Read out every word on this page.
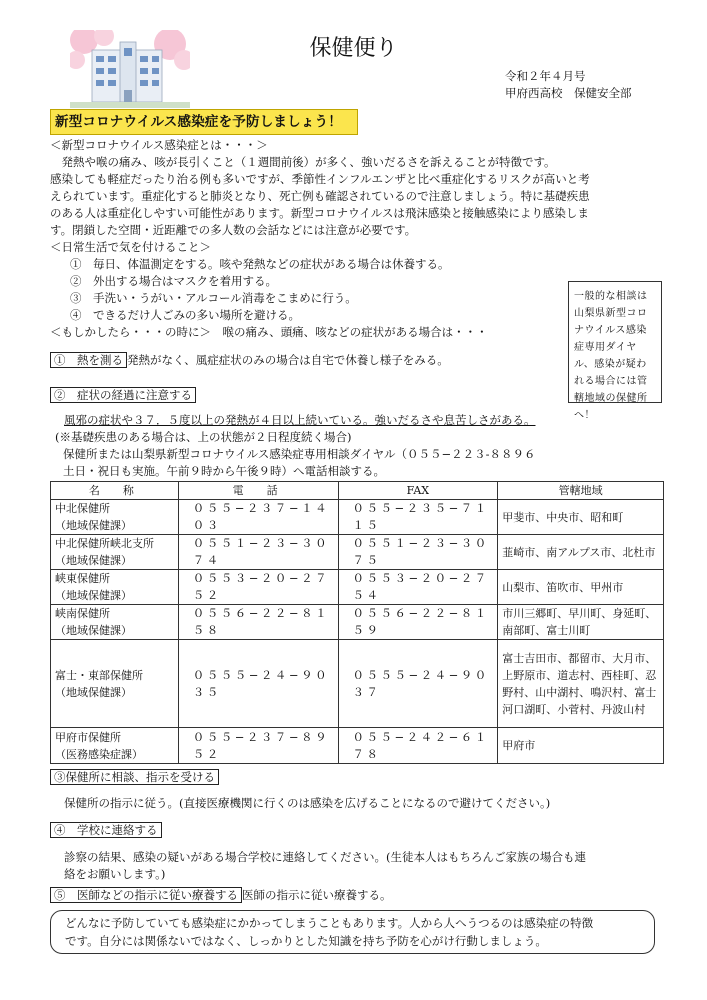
保健便り
令和２年４月号
甲府西高校　保健安全部
新型コロナウイルス感染症を予防しましょう！
＜新型コロナウイルス感染症とは・・・＞
　発熱や喉の痛み、咳が長引くこと（１週間前後）が多く、強いだるさを訴えることが特徴です。
感染しても軽症だったり治る例も多いですが、季節性インフルエンザと比べ重症化するリスクが高いと考
えられています。重症化すると肺炎となり、死亡例も確認されているので注意しましょう。特に基礎疾患
のある人は重症化しやすい可能性があります。新型コロナウイルスは飛沫感染と接触感染により感染しま
す。閉鎖した空間・近距離での多人数の会話などには注意が必要です。
＜日常生活で気を付けること＞
①　毎日、体温測定をする。咳や発熱などの症状がある場合は休養する。
②　外出する場合はマスクを着用する。
③　手洗い・うがい・アルコール消毒をこまめに行う。
④　できるだけ人ごみの多い場所を避ける。
＜もしかしたら・・・の時に＞　喉の痛み、頭痛、咳などの症状がある場合は・・・
一般的な相談は山梨県新型コロナウイルス感染症専用ダイヤル、感染が疑われる場合には管轄地域の保健所へ！
①　熱を測る 発熱がなく、風症症状のみの場合は自宅で休養し様子をみる。
②　症状の経過に注意する
風邪の症状や３７．５度以上の発熱が４日以上続いている。強いだるさや息苦しさがある。
(※基礎疾患のある場合は、上の状態が２日程度続く場合)
保健所または山梨県新型コロナウイルス感染症専用相談ダイヤル（０５５−２２３‐８８９６
土日・祝日も実施。午前９時から午後９時）へ電話相談する。
名　称	電　話	FAX	管轄地域

中北保健所
（地域保健課）	０５５−２３７−１４０３	０５５−２３５−７１１５	甲斐市、中央市、昭和町

中北保健所峡北支所
（地域保健課）	０５５１−２３−３０７４	０５５１−２３−３０７５	韮崎市、南アルプス市、北杜市

峡東保健所
（地域保健課）	０５５３−２０−２７５２	０５５３−２０−２７５４	山梨市、笛吹市、甲州市

峡南保健所
（地域保健課）	０５５６−２２−８１５８	０５５６−２２−８１５９	市川三郷町、早川町、身延町、南部町、富士川町

富士・東部保健所
（地域保健課）	０５５５−２４−９０３５	０５５５−２４−９０３７	富士吉田市、都留市、大月市、上野原市、道志村、西桂町、忍野村、山中湖村、鳴沢村、富士河口湖町、小菅村、丹波山村

甲府市保健所
（医務感染症課）	０５５−２３７−８９５２	０５５−２４２−６１７８	甲府市
③保健所に相談、指示を受ける
保健所の指示に従う。(直接医療機関に行くのは感染を広げることになるので避けてください。)
④　学校に連絡する
診察の結果、感染の疑いがある場合学校に連絡してください。(生徒本人はもちろんご家族の場合も連
絡をお願いします。)
⑤　医師などの指示に従い療養する 医師の指示に従い療養する。
どんなに予防していても感染症にかかってしまうこともあります。人から人へうつるのは感染症の特徴
です。自分には関係ないではなく、しっかりとした知識を持ち予防を心がけ行動しましょう。
